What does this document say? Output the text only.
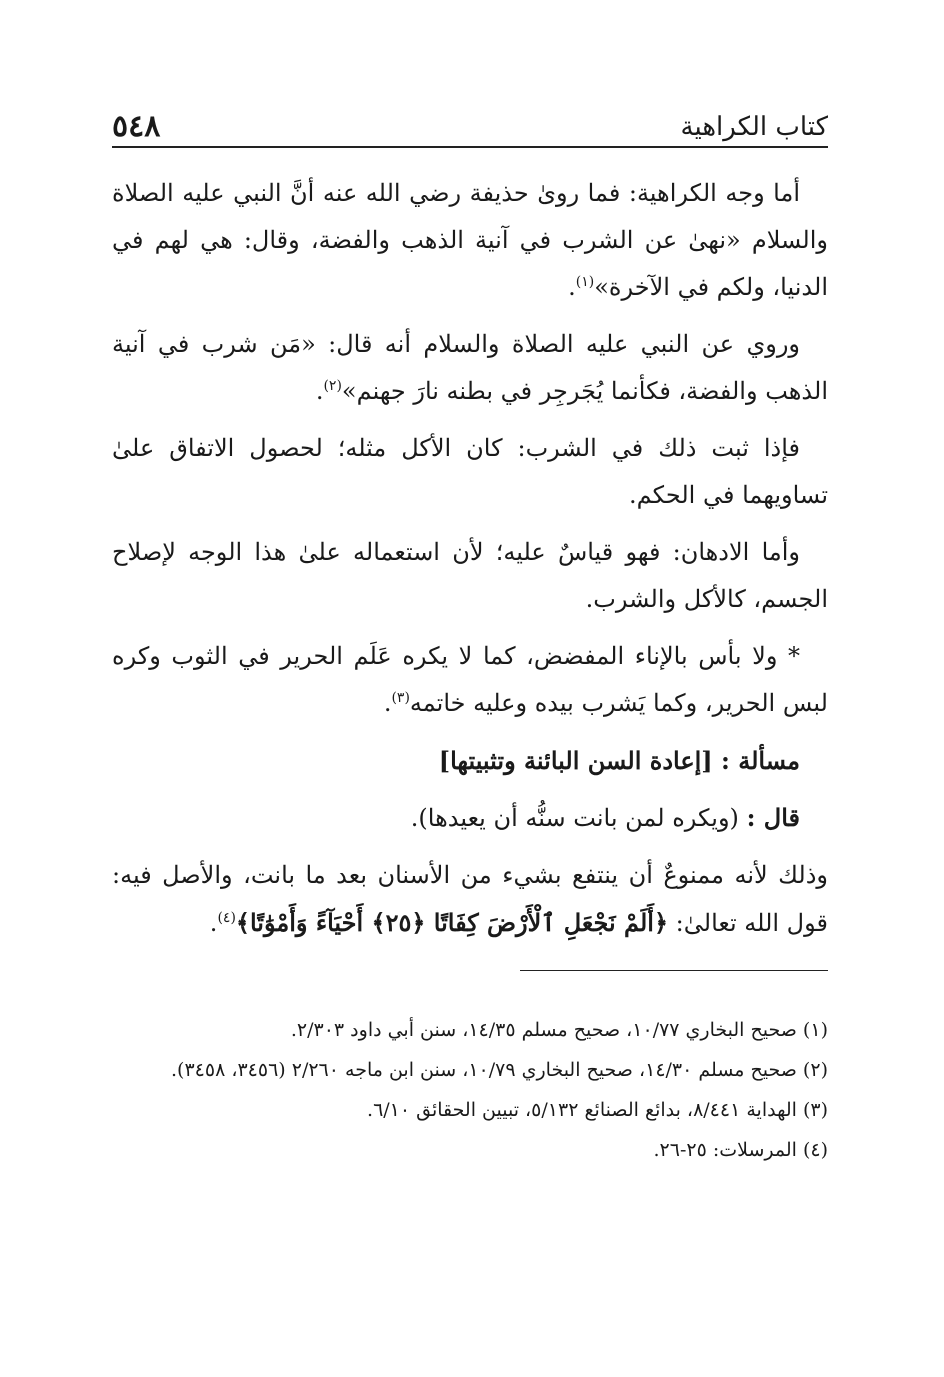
كتاب الكراهية
٥٤٨

أما وجه الكراهية: فما روىٰ حذيفة رضي الله عنه أنَّ النبي عليه الصلاة والسلام «نهىٰ عن الشرب في آنية الذهب والفضة، وقال: هي لهم في الدنيا، ولكم في الآخرة»$^{(١)}$.

وروي عن النبي عليه الصلاة والسلام أنه قال: «مَن شرب في آنية الذهب والفضة، فكأنما يُجَرجِر في بطنه نارَ جهنم»$^{(٢)}$.

فإذا ثبت ذلك في الشرب: كان الأكل مثله؛ لحصول الاتفاق علىٰ تساويهما في الحكم.

وأما الادهان: فهو قياسٌ عليه؛ لأن استعماله علىٰ هذا الوجه لإصلاح الجسم، كالأكل والشرب.

* ولا بأس بالإناء المفضض، كما لا يكره عَلَم الحرير في الثوب وكره لبس الحرير، وكما يَشرب بيده وعليه خاتمه$^{(٣)}$.

مسألة : [إعادة السن البائنة وتثبيتها]

قال : (ويكره لمن بانت سنُّه أن يعيدها).

وذلك لأنه ممنوعٌ أن ينتفع بشيء من الأسنان بعد ما بانت، والأصل فيه: قول الله تعالىٰ: ﴿أَلَمْ نَجْعَلِ ٱلْأَرْضَ كِفَاتًا ﴿٢٥﴾ أَحْيَآءً وَأَمْوَٰتًا﴾$^{(٤)}$.

(١) صحيح البخاري ١٠/٧٧، صحيح مسلم ١٤/٣٥، سنن أبي داود ٢/٣٠٣.

(٢) صحيح مسلم ١٤/٣٠، صحيح البخاري ١٠/٧٩، سنن ابن ماجه ٢/٢٦٠ (٣٤٥٦، ٣٤٥٨).

(٣) الهداية ٨/٤٤١، بدائع الصنائع ٥/١٣٢، تبيين الحقائق ٦/١٠.

(٤) المرسلات: ٢٥-٢٦.
